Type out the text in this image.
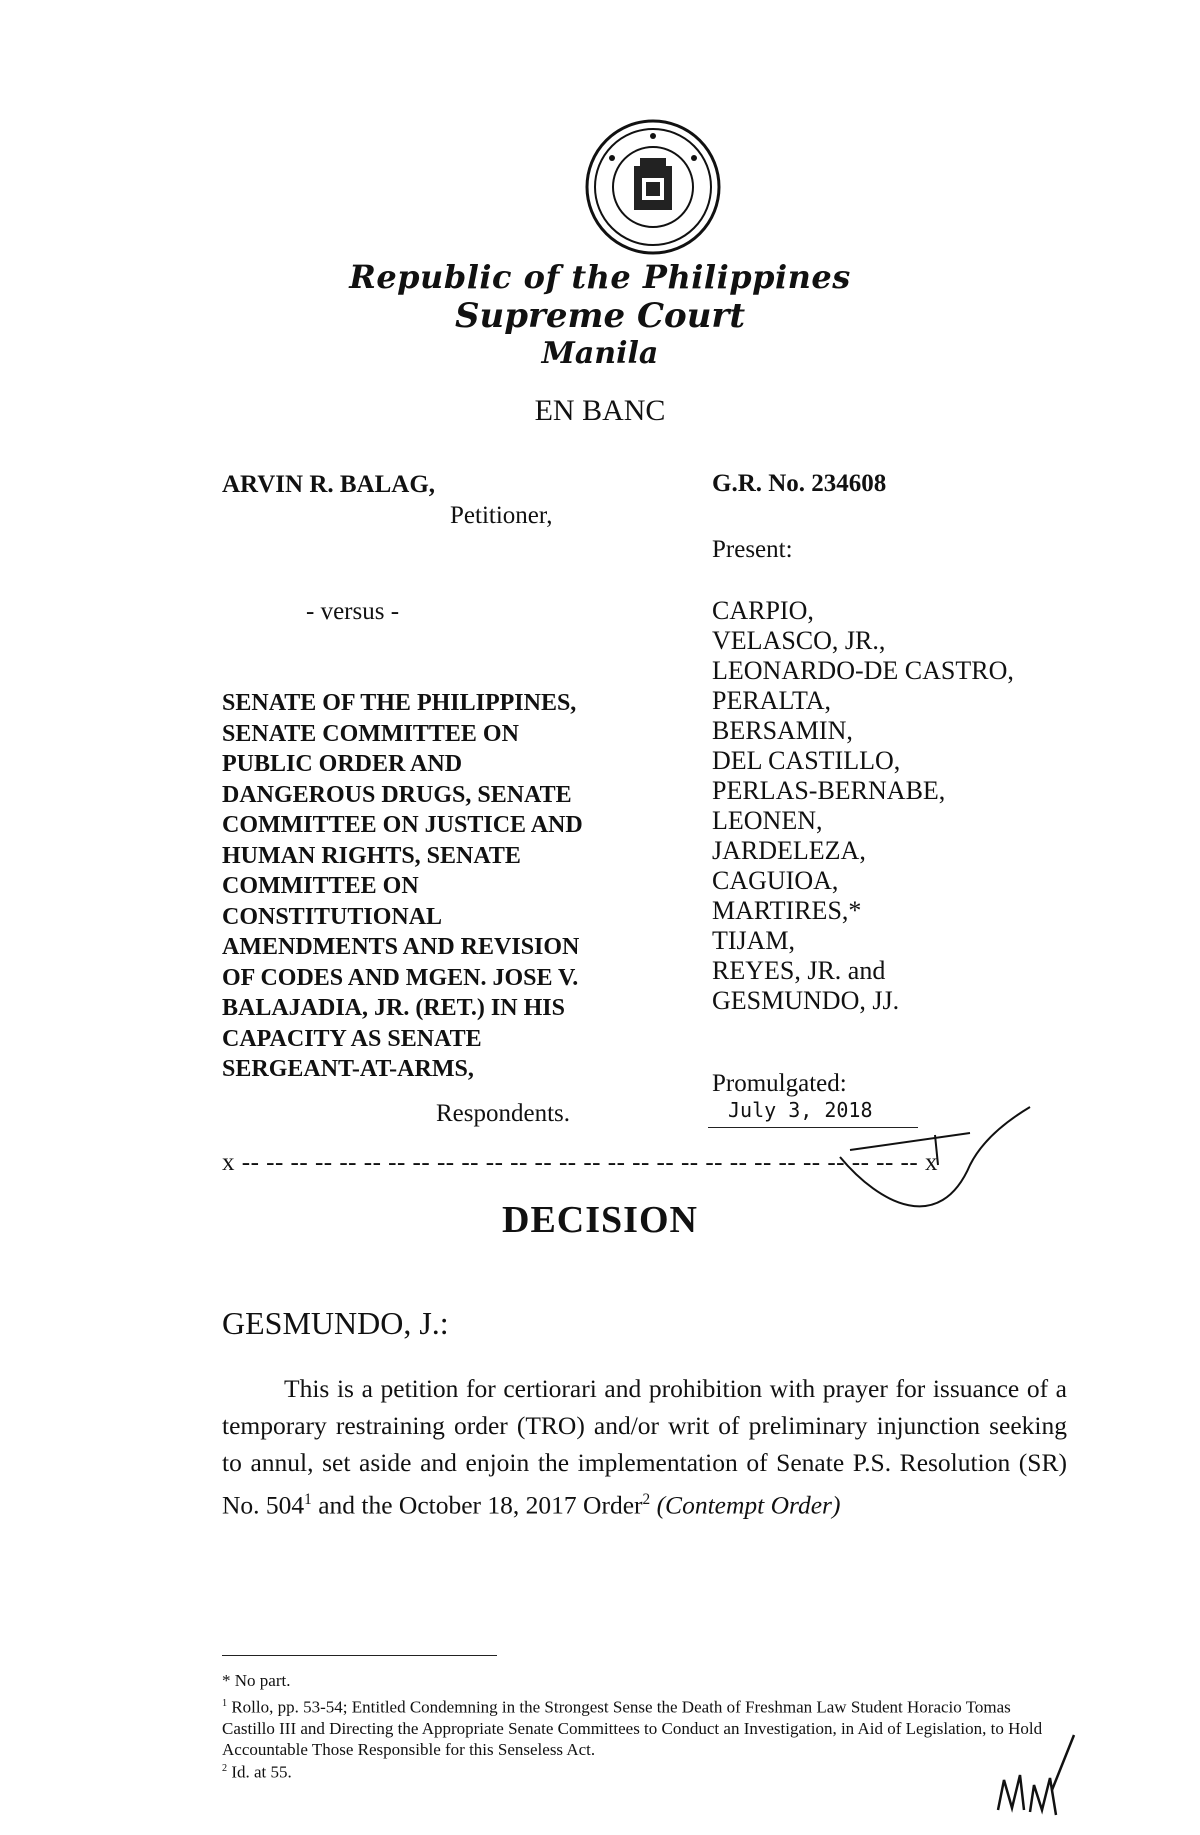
Republic of the Philippines
Supreme Court
Manila
EN BANC
ARVIN R. BALAG,
Petitioner,
- versus -
SENATE OF THE PHILIPPINES,
SENATE COMMITTEE ON
PUBLIC ORDER AND
DANGEROUS DRUGS, SENATE
COMMITTEE ON JUSTICE AND
HUMAN RIGHTS, SENATE
COMMITTEE ON
CONSTITUTIONAL
AMENDMENTS AND REVISION
OF CODES AND MGEN. JOSE V.
BALAJADIA, JR. (RET.) IN HIS
CAPACITY AS SENATE
SERGEANT-AT-ARMS,
Respondents.
G.R. No. 234608
Present:
CARPIO,
VELASCO, JR.,
LEONARDO-DE CASTRO,
PERALTA,
BERSAMIN,
DEL CASTILLO,
PERLAS-BERNABE,
LEONEN,
JARDELEZA,
CAGUIOA,
MARTIRES,*
TIJAM,
REYES, JR. and
GESMUNDO, JJ.
Promulgated:
July 3, 2018
x -- -- -- -- -- -- -- -- -- -- -- -- -- -- -- -- -- -- -- -- -- -- -- -- -- -- -- -- x
DECISION
GESMUNDO, J.:
This is a petition for certiorari and prohibition with prayer for issuance of a temporary restraining order (TRO) and/or writ of preliminary injunction seeking to annul, set aside and enjoin the implementation of Senate P.S. Resolution (SR) No. $504^1$ and the October 18, 2017 Order$^2$ (Contempt Order)
* No part.
$^1$ Rollo, pp. 53-54; Entitled Condemning in the Strongest Sense the Death of Freshman Law Student Horacio Tomas Castillo III and Directing the Appropriate Senate Committees to Conduct an Investigation, in Aid of Legislation, to Hold Accountable Those Responsible for this Senseless Act.
$^2$ Id. at 55.
